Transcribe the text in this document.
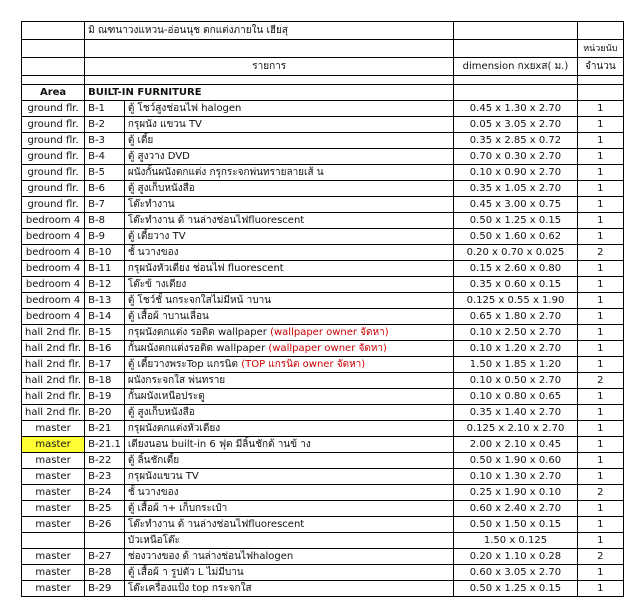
	มิ ณฑนาวงแหวน-อ่อนนุช ตกแต่งภายใน เฮียสุ			
				หน่วยนับ
	รายการ		dimension กxยxส( ม.)	จำนวน

Area	BUILT-IN FURNITURE			
ground flr.	B-1	ตู้ โชว์สูงช่อนไฟ halogen	0.45 x 1.30 x 2.70	1
ground flr.	B-2	กรุผนัง แขวน TV	0.05 x 3.05 x 2.70	1
ground flr.	B-3	ตู้ เตี้ย	0.35 x 2.85 x 0.72	1
ground flr.	B-4	ตู้ สูงวาง DVD	0.70 x 0.30 x 2.70	1
ground flr.	B-5	ผนังกั้นผนังตกแต่ง กรุกระจกพ่นทรายลายเส้ น	0.10 x 0.90 x 2.70	1
ground flr.	B-6	ตู้ สูงเก็บหนังสือ	0.35 x 1.05 x 2.70	1
ground flr.	B-7	โต๊ะทำงาน	0.45 x 3.00 x 0.75	1
bedroom 4	B-8	โต๊ะทำงาน ด้ านล่างช่อนไฟfluorescent	0.50 x 1.25 x 0.15	1
bedroom 4	B-9	ตู้ เตี้ยวาง TV	0.50 x 1.60 x 0.62	1
bedroom 4	B-10	ชั้ นวางของ	0.20 x 0.70 x 0.025	2
bedroom 4	B-11	กรุผนังหัวเตียง ช่อนไฟ fluorescent	0.15 x 2.60 x 0.80	1
bedroom 4	B-12	โต๊ะข้ างเตียง	0.35 x 0.60 x 0.15	1
bedroom 4	B-13	ตู้ โชว์ชั้ นกระจกใสไม่มีหน้ าบาน	0.125 x 0.55 x 1.90	1
bedroom 4	B-14	ตู้ เสื้อผ้ าบานเลื่อน	0.65 x 1.80 x 2.70	1
hall 2nd flr.	B-15	กรุผนังตกแต่ง รอติด wallpaper (wallpaper owner จัดหา)	0.10 x 2.50 x 2.70	1
hall 2nd flr.	B-16	กั้นผนังตกแต่งรอติด wallpaper (wallpaper owner จัดหา)	0.10 x 1.20 x 2.70	1
hall 2nd flr.	B-17	ตู้ เตี้ยวางพระTop แกรนิต (TOP แกรนิต owner จัดหา)	1.50 x 1.85 x 1.20	1
hall 2nd flr.	B-18	ผนังกระจกใส พ่นทราย	0.10 x 0.50 x 2.70	2
hall 2nd flr.	B-19	กั้นผนังเหนือประตู	0.10 x 0.80 x 0.65	1
hall 2nd flr.	B-20	ตู้ สูงเก็บหนังสือ	0.35 x 1.40 x 2.70	1
master	B-21	กรุผนังตกแต่งหัวเตียง	0.125 x 2.10 x 2.70	1
master	B-21.1	เตียงนอน built-in 6 ฟุต มีลิ้นชักด้ านข้ าง	2.00 x 2.10 x 0.45	1
master	B-22	ตู้ ลิ้นชักเตี้ย	0.50 x 1.90 x 0.60	1
master	B-23	กรุผนังแขวน TV	0.10 x 1.30 x 2.70	1
master	B-24	ชั้ นวางของ	0.25 x 1.90 x 0.10	2
master	B-25	ตู้ เสื้อผ้ า+ เก็บกระเป๋า	0.60 x 2.40 x 2.70	1
master	B-26	โต๊ะทำงาน ด้ านล่างช่อนไฟfluorescent	0.50 x 1.50 x 0.15	1
		บัวเหนือโต๊ะ	1.50 x 0.125	1
master	B-27	ช่องวางของ ด้ านล่างช่อนไฟhalogen	0.20 x 1.10 x 0.28	2
master	B-28	ตู้ เสื้อผ้ า รูปตัว L ไม่มีบาน	0.60 x 3.05 x 2.70	1
master	B-29	โต๊ะเครื่องแป้ง top กระจกใส	0.50 x 1.25 x 0.15	1
